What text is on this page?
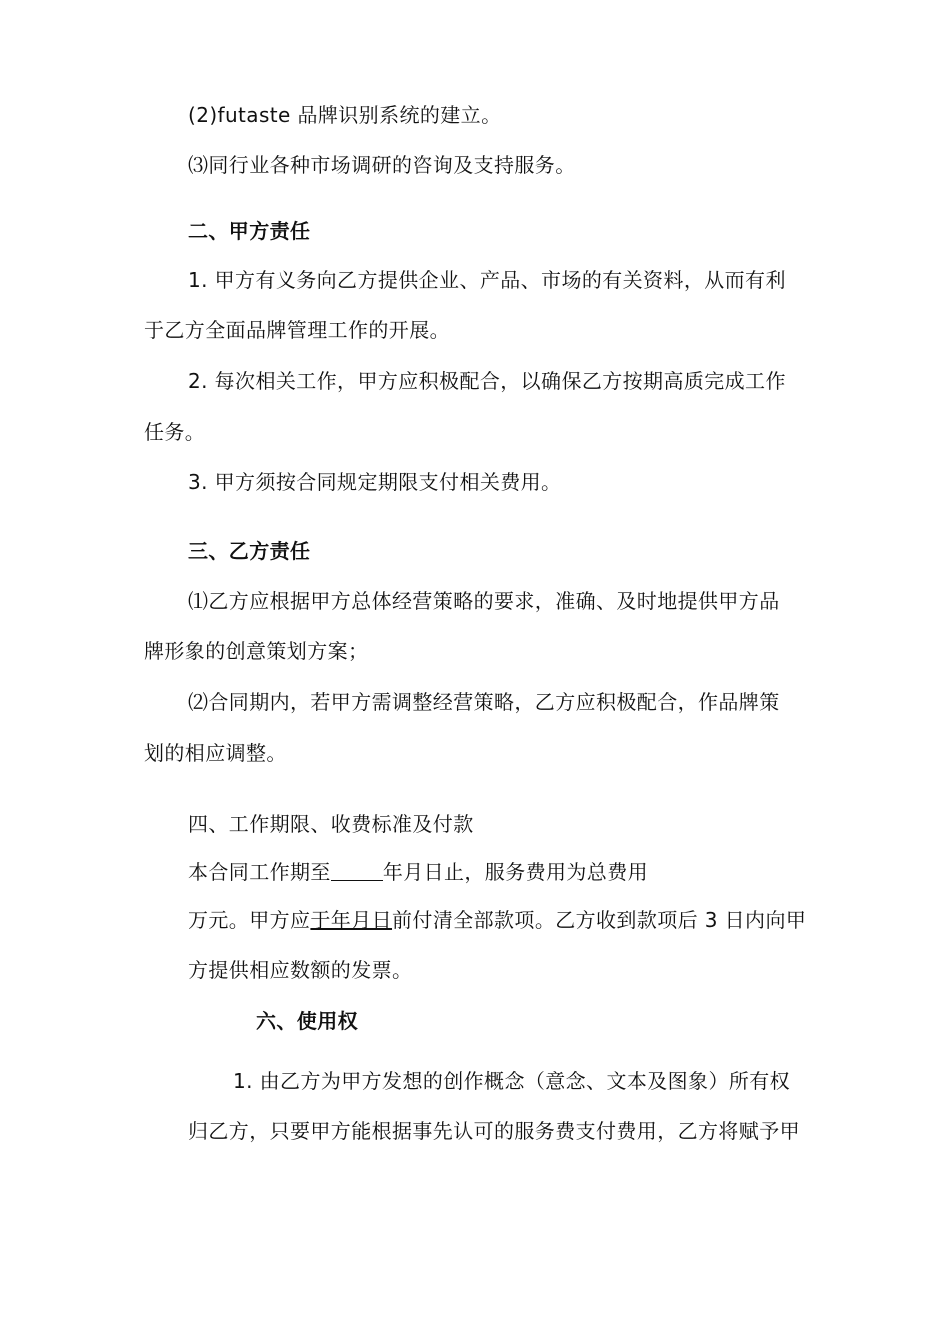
(2)futaste 品牌识别系统的建立。
⑶同行业各种市场调研的咨询及支持服务。
二、甲方责任
1. 甲方有义务向乙方提供企业、产品、市场的有关资料，从而有利
于乙方全面品牌管理工作的开展。
2. 每次相关工作，甲方应积极配合，以确保乙方按期高质完成工作
任务。
3. 甲方须按合同规定期限支付相关费用。
三、乙方责任
⑴乙方应根据甲方总体经营策略的要求，准确、及时地提供甲方品
牌形象的创意策划方案；
⑵合同期内，若甲方需调整经营策略，乙方应积极配合，作品牌策
划的相应调整。
四、工作期限、收费标准及付款
本合同工作期至	年月日止，服务费用为总费用
万元。甲方应于年月日前付清全部款项。乙方收到款项后 3 日内向甲
方提供相应数额的发票。
六、使用权
1. 由乙方为甲方发想的创作概念（意念、文本及图象）所有权
归乙方，只要甲方能根据事先认可的服务费支付费用，乙方将赋予甲
